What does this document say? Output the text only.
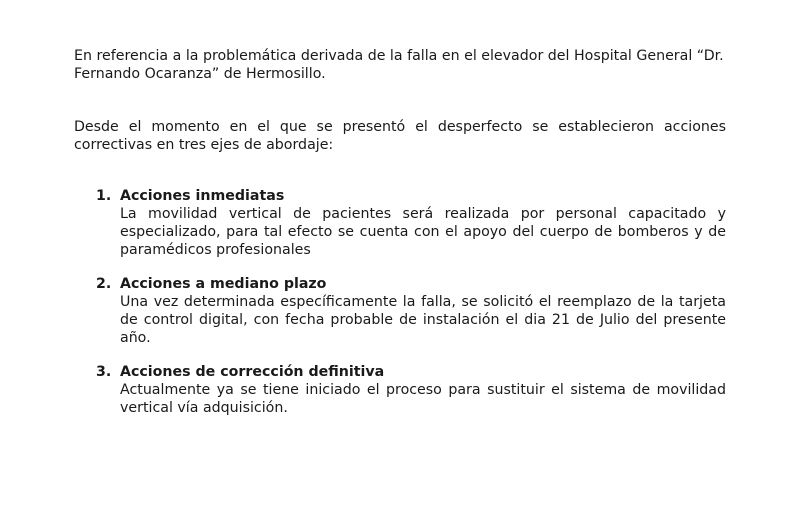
En referencia a la problemática derivada de la falla en el elevador del Hospital General “Dr. Fernando Ocaranza” de Hermosillo.

Desde el momento en el que se presentó el desperfecto se establecieron acciones correctivas en tres ejes de abordaje:

1. Acciones inmediatas
La movilidad vertical de pacientes será realizada por personal capacitado y especializado, para tal efecto se cuenta con el apoyo del cuerpo de bomberos y de paramédicos profesionales
2. Acciones a mediano plazo
Una vez determinada específicamente la falla, se solicitó el reemplazo de la tarjeta de control digital, con fecha probable de instalación el dia 21 de Julio del presente año.
3. Acciones de corrección definitiva
Actualmente ya se tiene iniciado el proceso para sustituir el sistema de movilidad vertical vía adquisición.
